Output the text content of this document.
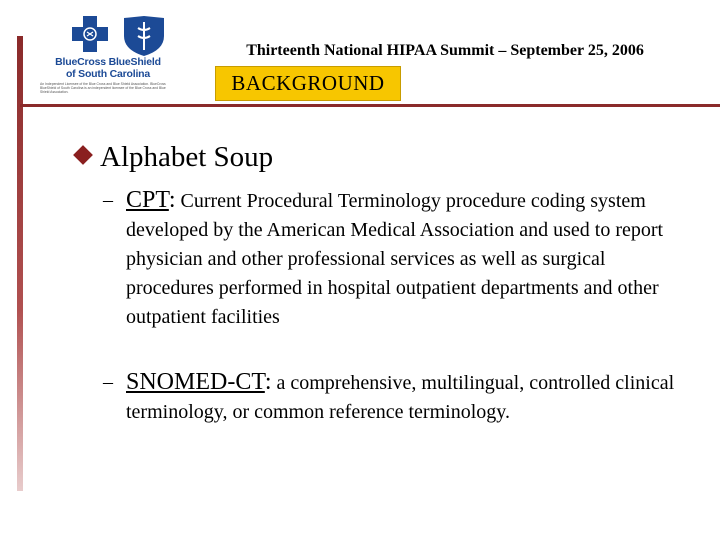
BlueCross BlueShield
of South Carolina
An Independent Licensee of the Blue Cross and Blue Shield Association. BlueCross BlueShield of South Carolina is an independent licensee of the Blue Cross and Blue Shield Association.
Thirteenth National HIPAA Summit – September 25, 2006
BACKGROUND
Alphabet Soup
– CPT: Current Procedural Terminology procedure coding system developed by the American Medical Association and used to report physician and other professional services as well as surgical procedures performed in hospital outpatient departments and other outpatient facilities
– SNOMED-CT: a comprehensive, multilingual, controlled clinical terminology, or common reference terminology.
